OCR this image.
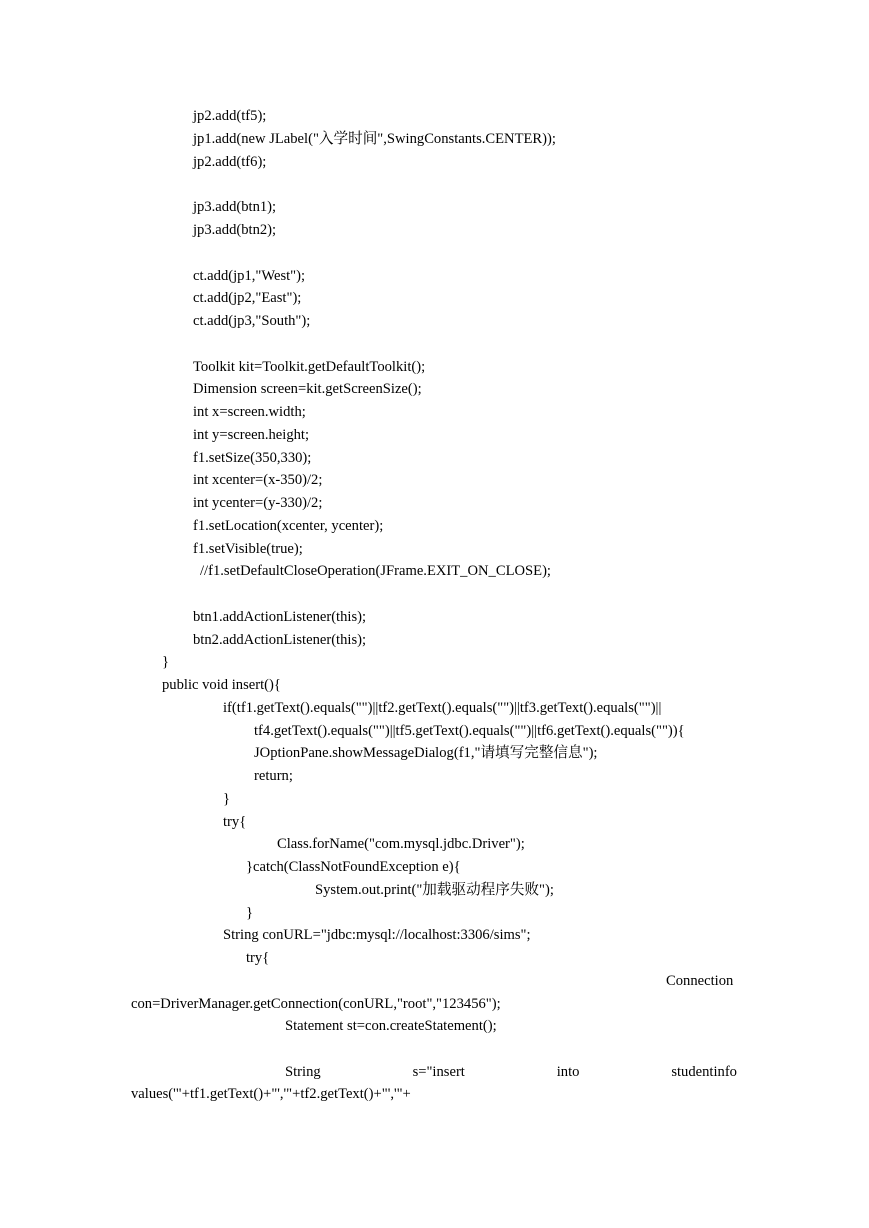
jp2.add(tf5);
jp1.add(new JLabel("入学时间",SwingConstants.CENTER));
jp2.add(tf6);
jp3.add(btn1);
jp3.add(btn2);
ct.add(jp1,"West");
ct.add(jp2,"East");
ct.add(jp3,"South");
Toolkit kit=Toolkit.getDefaultToolkit();
Dimension screen=kit.getScreenSize();
int x=screen.width;
int y=screen.height;
f1.setSize(350,330);
int xcenter=(x-350)/2;
int ycenter=(y-330)/2;
f1.setLocation(xcenter, ycenter);
f1.setVisible(true);
//f1.setDefaultCloseOperation(JFrame.EXIT_ON_CLOSE);
btn1.addActionListener(this);
btn2.addActionListener(this);
}
public void insert(){
if(tf1.getText().equals("")||tf2.getText().equals("")||tf3.getText().equals("")||
tf4.getText().equals("")||tf5.getText().equals("")||tf6.getText().equals("")){
JOptionPane.showMessageDialog(f1,"请填写完整信息");
return;
}
try{
Class.forName("com.mysql.jdbc.Driver");
}catch(ClassNotFoundException e){
System.out.print("加载驱动程序失败");
}
String conURL="jdbc:mysql://localhost:3306/sims";
try{
Connection
con=DriverManager.getConnection(conURL,"root","123456");
Statement st=con.createStatement();
String	s="insert	into	studentinfo
values('"+tf1.getText()+"','"+tf2.getText()+"','"+
